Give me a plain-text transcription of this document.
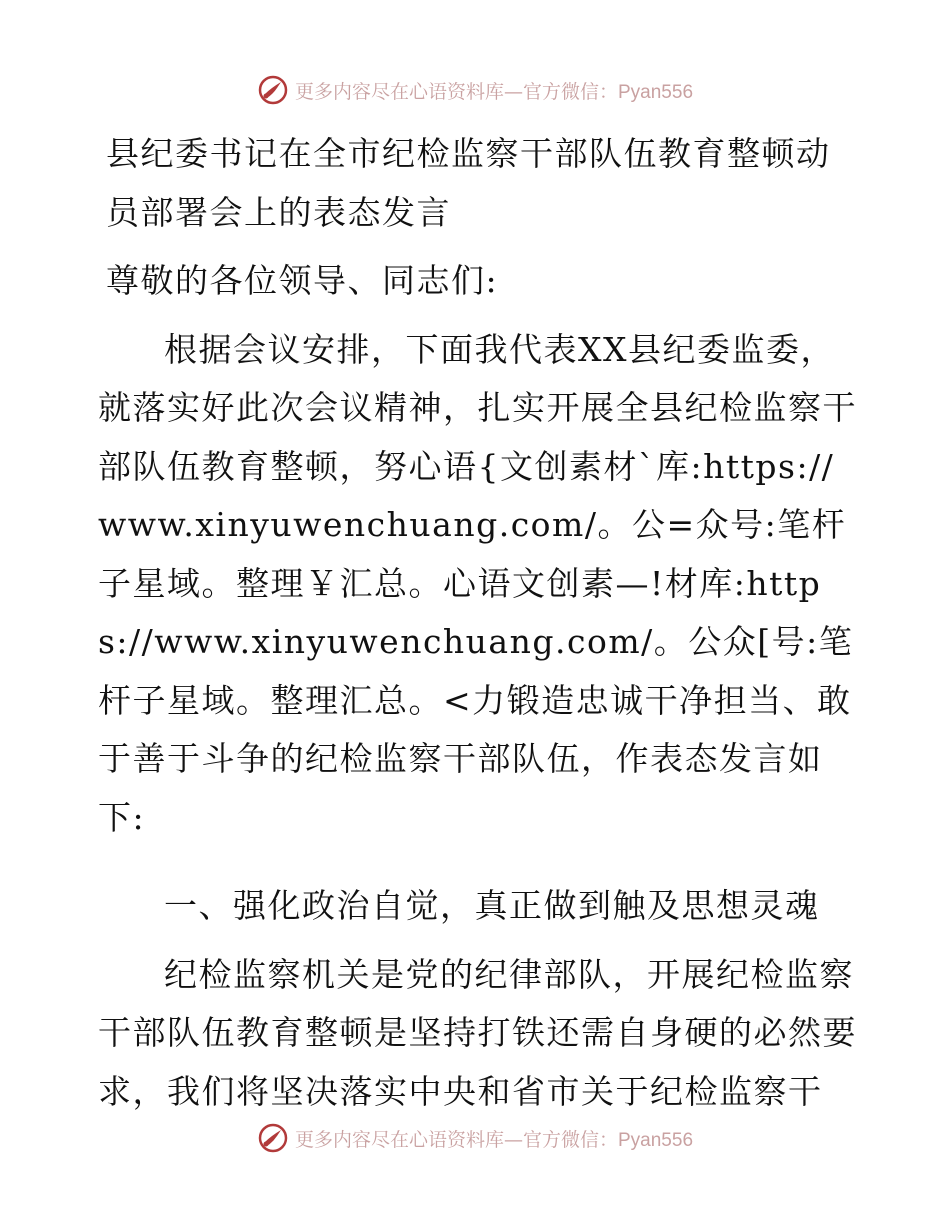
更多内容尽在心语资料库—官方微信：Pyan556

县纪委书记在全市纪检监察干部队伍教育整顿动员部署会上的表态发言

尊敬的各位领导、同志们:

根据会议安排，下面我代表XX县纪委监委，就落实好此次会议精神，扎实开展全县纪检监察干部队伍教育整顿，努心语{文创素材`库:https://www.xinyuwenchuang.com/。公=众号:笔杆子星域。整理￥汇总。心语文创素—!材库:https://www.xinyuwenchuang.com/。公众[号:笔杆子星域。整理汇总。<力锻造忠诚干净担当、敢于善于斗争的纪检监察干部队伍，作表态发言如下:

一、强化政治自觉，真正做到触及思想灵魂

纪检监察机关是党的纪律部队，开展纪检监察干部队伍教育整顿是坚持打铁还需自身硬的必然要求，我们将坚决落实中央和省市关于纪检监察干

更多内容尽在心语资料库—官方微信：Pyan556
